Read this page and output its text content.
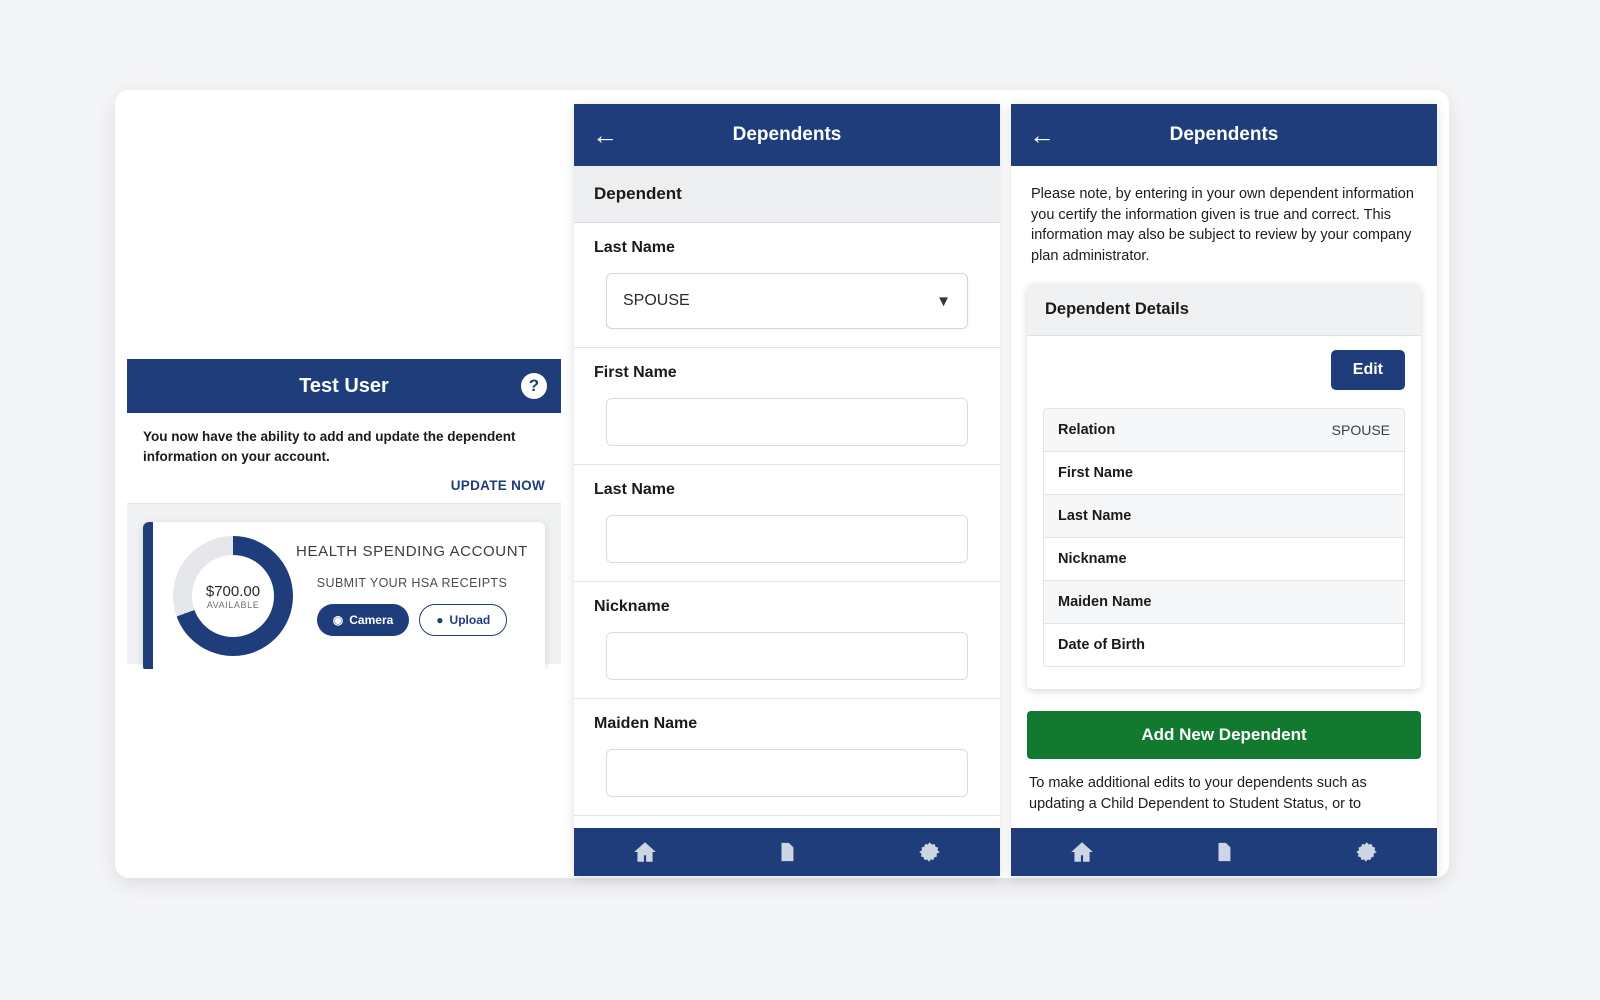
Test User	?
You now have the ability to add and update the dependent information on your account.
UPDATE NOW
$700.00
AVAILABLE
HEALTH SPENDING ACCOUNT
SUBMIT YOUR HSA RECEIPTS
◉ Camera	● Upload
←	Dependents
Dependent
Last Name
SPOUSE	▼
First Name
Last Name
Nickname
Maiden Name
←	Dependents
Please note, by entering in your own dependent information you certify the information given is true and correct. This information may also be subject to review by your company plan administrator.
Dependent Details
Edit
Relation	SPOUSE
First Name
Last Name
Nickname
Maiden Name
Date of Birth
Add New Dependent
To make additional edits to your dependents such as updating a Child Dependent to Student Status, or to
